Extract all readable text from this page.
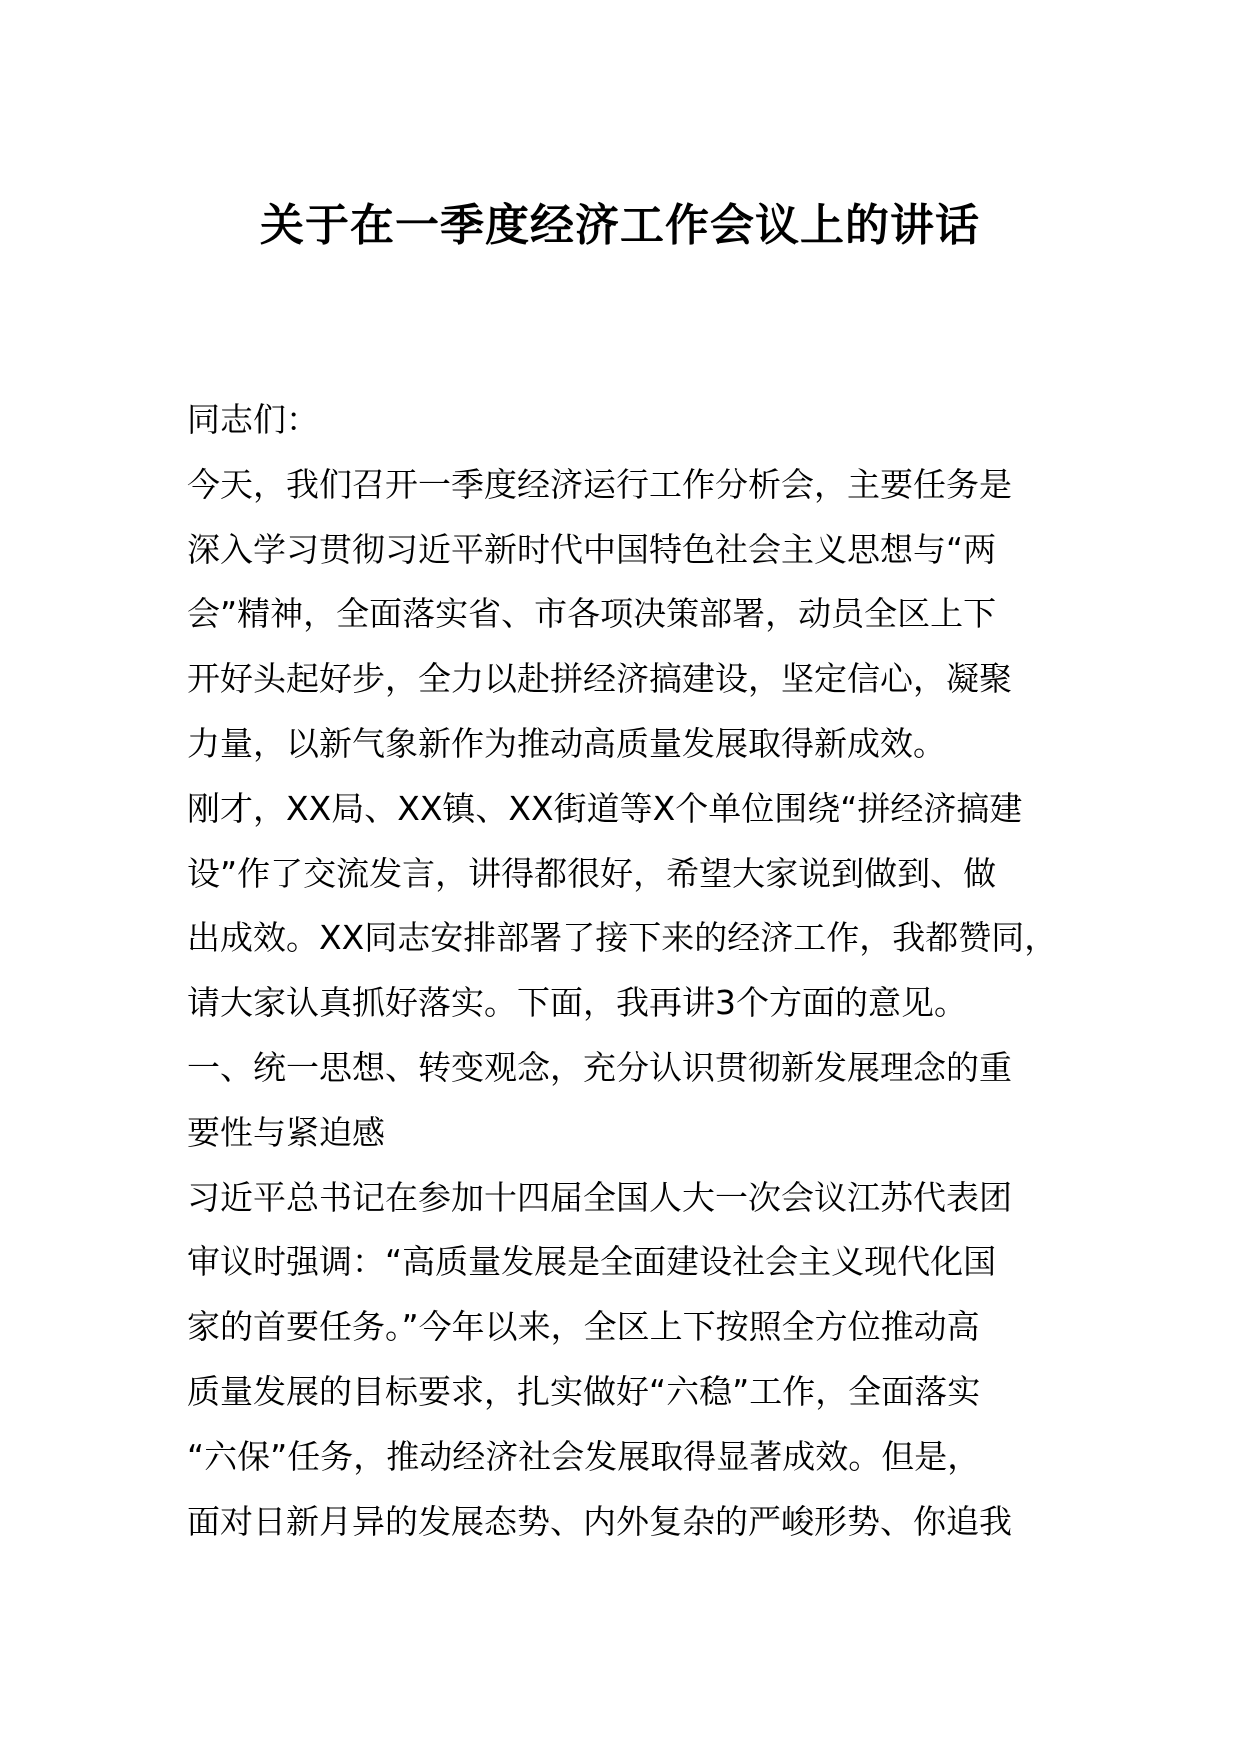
关于在一季度经济工作会议上的讲话
同志们：
今天，我们召开一季度经济运行工作分析会，主要任务是
深入学习贯彻习近平新时代中国特色社会主义思想与“两
会”精神，全面落实省、市各项决策部署，动员全区上下
开好头起好步，全力以赴拼经济搞建设，坚定信心，凝聚
力量，以新气象新作为推动高质量发展取得新成效。
刚才，XX局、XX镇、XX街道等X个单位围绕“拼经济搞建
设”作了交流发言，讲得都很好，希望大家说到做到、做
出成效。XX同志安排部署了接下来的经济工作，我都赞同，
请大家认真抓好落实。下面，我再讲3个方面的意见。
一、统一思想、转变观念，充分认识贯彻新发展理念的重
要性与紧迫感
习近平总书记在参加十四届全国人大一次会议江苏代表团
审议时强调：“高质量发展是全面建设社会主义现代化国
家的首要任务。”今年以来，全区上下按照全方位推动高
质量发展的目标要求，扎实做好“六稳”工作，全面落实
“六保”任务，推动经济社会发展取得显著成效。但是，
面对日新月异的发展态势、内外复杂的严峻形势、你追我
